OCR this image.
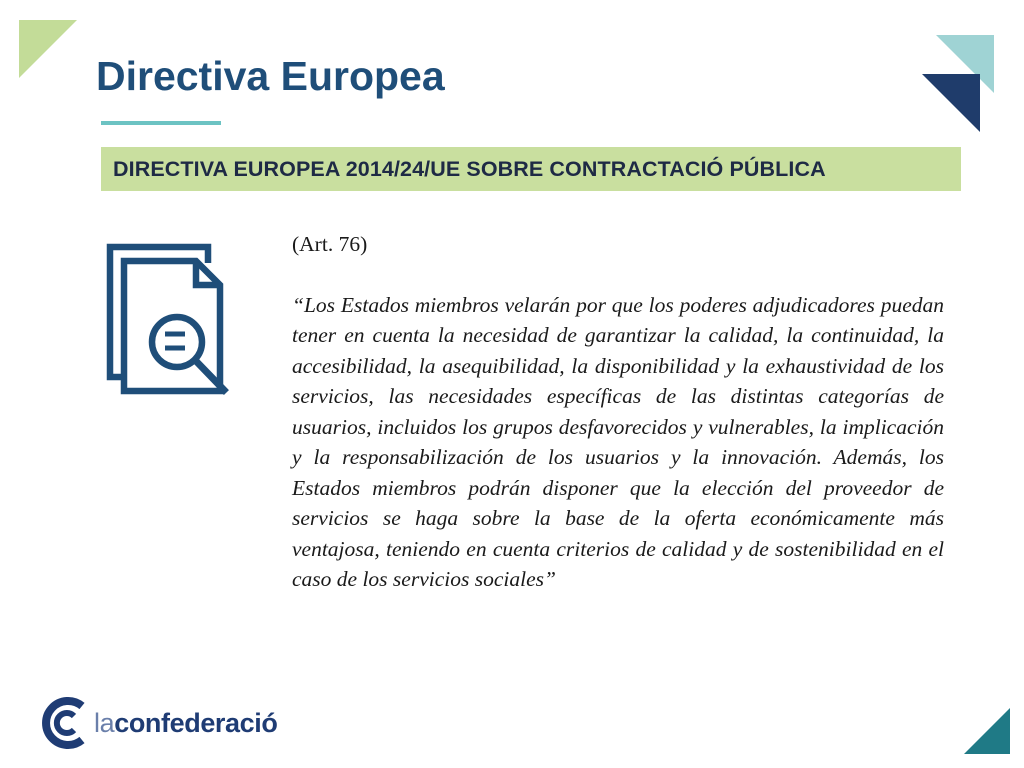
Directiva Europea
DIRECTIVA EUROPEA 2014/24/UE SOBRE CONTRACTACIÓ PÚBLICA

(Art. 76)

“Los Estados miembros velarán por que los poderes adjudicadores puedan tener en cuenta la necesidad de garantizar la calidad, la continuidad, la accesibilidad, la asequibilidad, la disponibilidad y la exhaustividad de los servicios, las necesidades específicas de las distintas categorías de usuarios, incluidos los grupos desfavorecidos y vulnerables, la implicación y la responsabilización de los usuarios y la innovación. Además, los Estados miembros podrán disponer que la elección del proveedor de servicios se haga sobre la base de la oferta económicamente más ventajosa, teniendo en cuenta criterios de calidad y de sostenibilidad en el caso de los servicios sociales”

laconfederació
